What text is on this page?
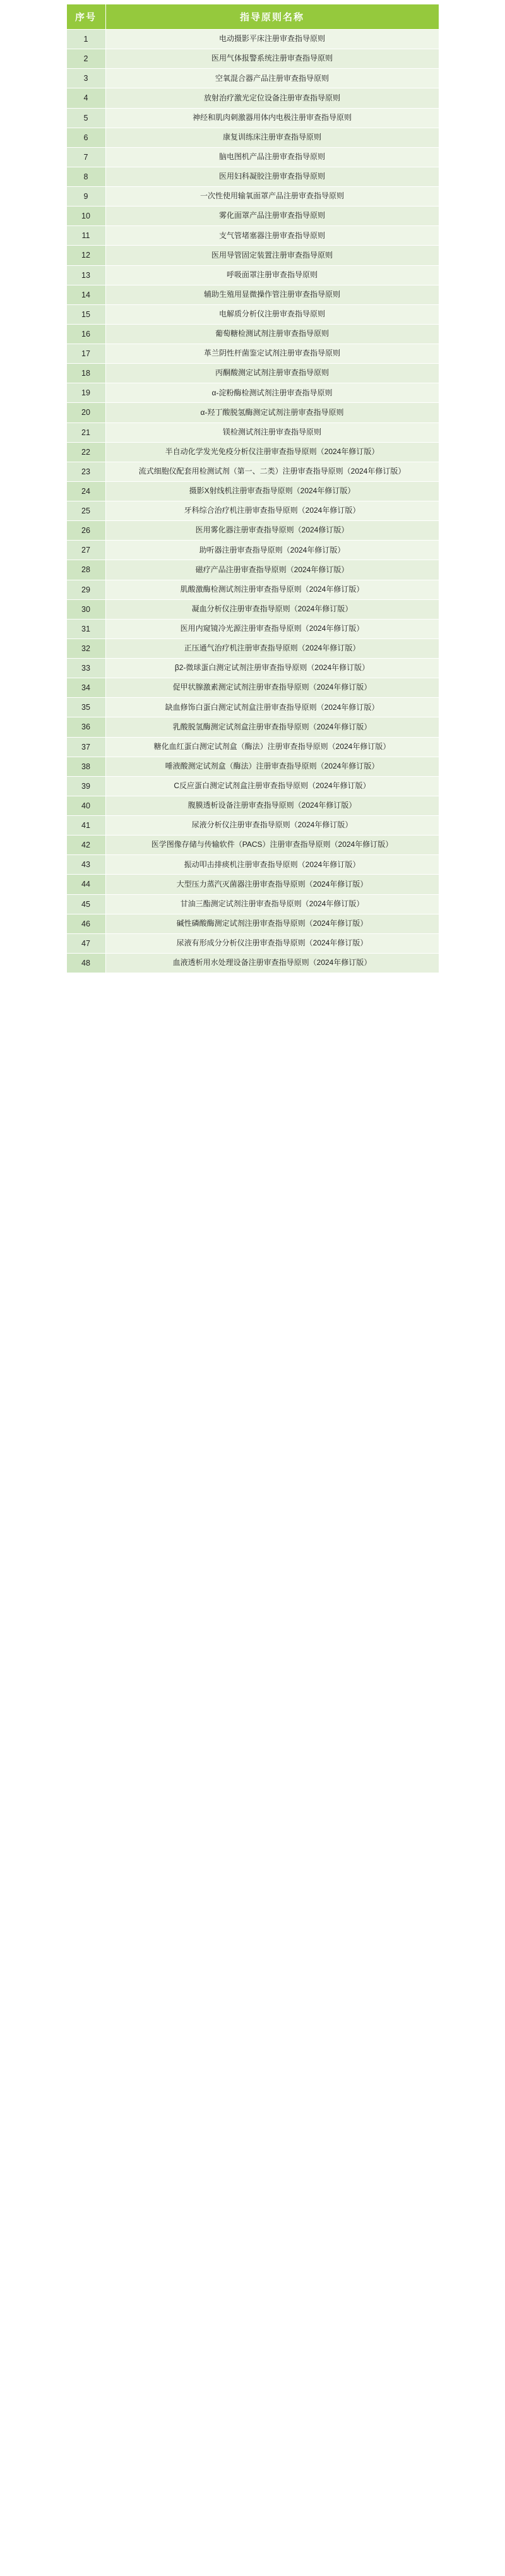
序号	指导原则名称
1	电动摄影平床注册审查指导原则
2	医用气体报警系统注册审查指导原则
3	空氧混合器产品注册审查指导原则
4	放射治疗激光定位设备注册审查指导原则
5	神经和肌肉刺激器用体内电极注册审查指导原则
6	康复训练床注册审查指导原则
7	脑电图机产品注册审查指导原则
8	医用妇科凝胶注册审查指导原则
9	一次性使用输氧面罩产品注册审查指导原则
10	雾化面罩产品注册审查指导原则
11	支气管堵塞器注册审查指导原则
12	医用导管固定装置注册审查指导原则
13	呼吸面罩注册审查指导原则
14	辅助生殖用显微操作管注册审查指导原则
15	电解质分析仪注册审查指导原则
16	葡萄糖检测试剂注册审查指导原则
17	革兰阴性杆菌鉴定试剂注册审查指导原则
18	丙酮酸测定试剂注册审查指导原则
19	α-淀粉酶检测试剂注册审查指导原则
20	α-羟丁酸脱氢酶测定试剂注册审查指导原则
21	镁检测试剂注册审查指导原则
22	半自动化学发光免疫分析仪注册审查指导原则（2024年修订版）
23	流式细胞仪配套用检测试剂（第一、二类）注册审查指导原则（2024年修订版）
24	摄影X射线机注册审查指导原则（2024年修订版）
25	牙科综合治疗机注册审查指导原则（2024年修订版）
26	医用雾化器注册审查指导原则（2024修订版）
27	助听器注册审查指导原则（2024年修订版）
28	磁疗产品注册审查指导原则（2024年修订版）
29	肌酸激酶检测试剂注册审查指导原则（2024年修订版）
30	凝血分析仪注册审查指导原则（2024年修订版）
31	医用内窥镜冷光源注册审查指导原则（2024年修订版）
32	正压通气治疗机注册审查指导原则（2024年修订版）
33	β2-微球蛋白测定试剂注册审查指导原则（2024年修订版）
34	促甲状腺激素测定试剂注册审查指导原则（2024年修订版）
35	缺血修饰白蛋白测定试剂盒注册审查指导原则（2024年修订版）
36	乳酸脱氢酶测定试剂盒注册审查指导原则（2024年修订版）
37	糖化血红蛋白测定试剂盒（酶法）注册审查指导原则（2024年修订版）
38	唾液酸测定试剂盒（酶法）注册审查指导原则（2024年修订版）
39	C反应蛋白测定试剂盒注册审查指导原则（2024年修订版）
40	腹膜透析设备注册审查指导原则（2024年修订版）
41	尿液分析仪注册审查指导原则（2024年修订版）
42	医学图像存储与传输软件（PACS）注册审查指导原则（2024年修订版）
43	振动叩击排痰机注册审查指导原则（2024年修订版）
44	大型压力蒸汽灭菌器注册审查指导原则（2024年修订版）
45	甘油三酯测定试剂注册审查指导原则（2024年修订版）
46	碱性磷酸酶测定试剂注册审查指导原则（2024年修订版）
47	尿液有形成分分析仪注册审查指导原则（2024年修订版）
48	血液透析用水处理设备注册审查指导原则（2024年修订版）
